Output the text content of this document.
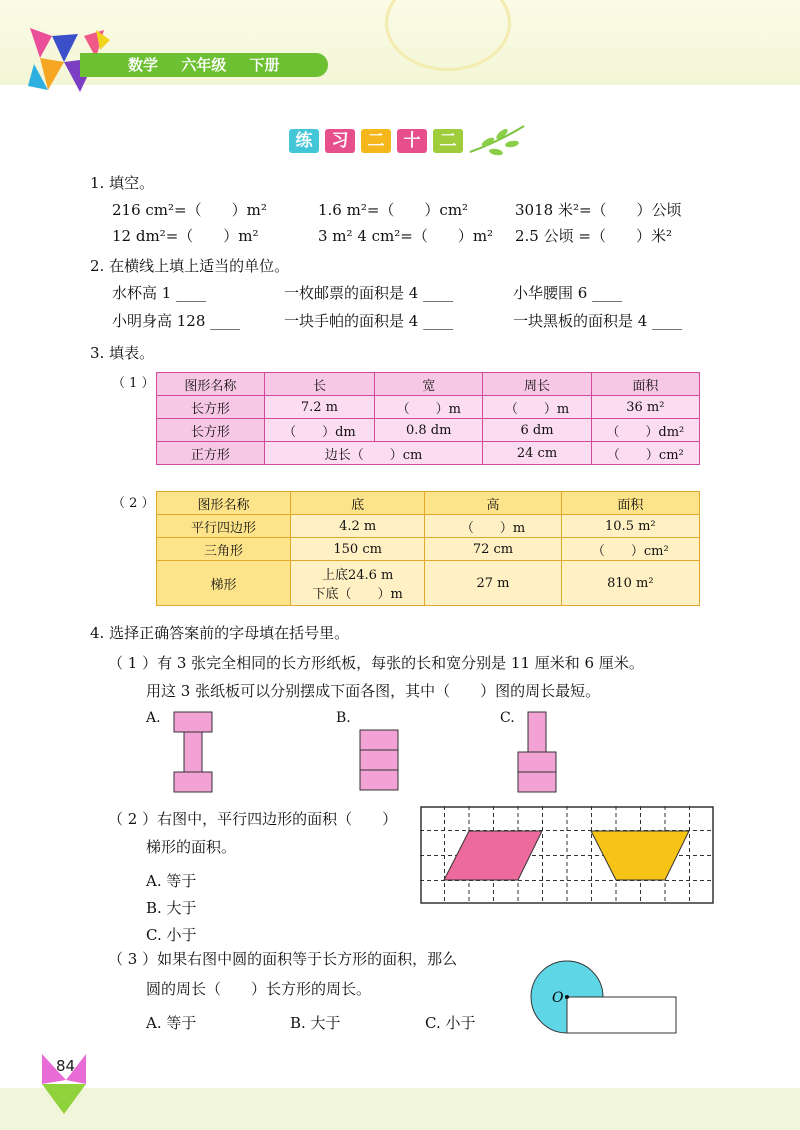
数学 六年级 下册
练	习	二	十	二
1. 填空。
216 cm²=（　　）m²	1.6 m²=（　　）cm²	3018 米²=（　　）公顷
12 dm²=（　　）m²	3 m² 4 cm²=（　　）m² 2.5 公顷 =（　　）米²
2. 在横线上填上适当的单位。
水杯高 1 ____	一枚邮票的面积是 4 ____	小华腰围 6 ____
小明身高 128 ____	一块手帕的面积是 4 ____	一块黑板的面积是 4 ____
3. 填表。
（ 1 ） 图形名称	长	宽	周长	面积
长方形	7.2 m	（　　）m	（　　）m	36 m²
长方形	（　　）dm	0.8 dm	6 dm	（　　）dm²
正方形	边长（　　）cm		24 cm	（　　）cm²
（ 2 ）	图形名称	底	高	面积
平行四边形	4.2 m	（　　）m	10.5 m²
三角形	150 cm	72 cm	（　　）cm²
梯形	上底24.6 m
下底（　　）m	27 m	810 m²
4. 选择正确答案前的字母填在括号里。
（ 1 ）有 3 张完全相同的长方形纸板，每张的长和宽分别是 11 厘米和 6 厘米。
用这 3 张纸板可以分别摆成下面各图，其中（　　）图的周长最短。
A.	B.	C.
（ 2 ）右图中，平行四边形的面积（　　）
梯形的面积。
A. 等于
B. 大于
C. 小于
（ 3 ）如果右图中圆的面积等于长方形的面积，那么
圆的周长（　　）长方形的周长。
A. 等于	B. 大于	C. 小于
O
84
